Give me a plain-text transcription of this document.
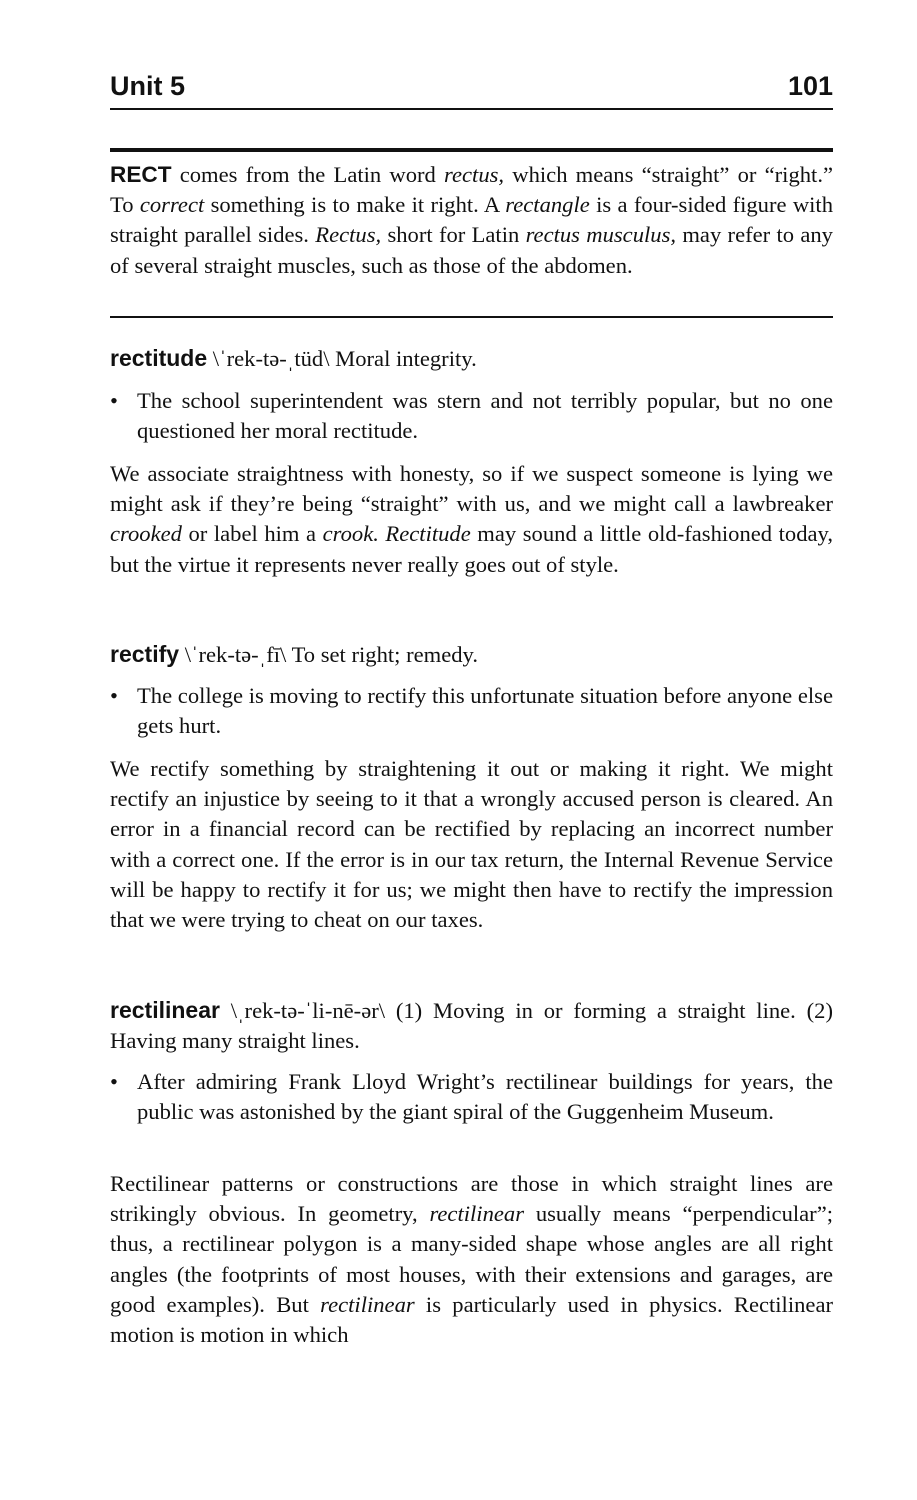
Unit 5	101
RECT comes from the Latin word rectus, which means “straight” or “right.” To correct something is to make it right. A rectangle is a four-sided figure with straight parallel sides. Rectus, short for Latin rectus musculus, may refer to any of several straight muscles, such as those of the abdomen.
rectitude \ˈrek-tə-ˌtüd\ Moral integrity.
• The school superintendent was stern and not terribly popular, but no one questioned her moral rectitude.
We associate straightness with honesty, so if we suspect someone is lying we might ask if they’re being “straight” with us, and we might call a lawbreaker crooked or label him a crook. Rectitude may sound a little old-fashioned today, but the virtue it represents never really goes out of style.
rectify \ˈrek-tə-ˌfī\ To set right; remedy.
• The college is moving to rectify this unfortunate situation before anyone else gets hurt.
We rectify something by straightening it out or making it right. We might rectify an injustice by seeing to it that a wrongly accused person is cleared. An error in a financial record can be rectified by replacing an incorrect number with a correct one. If the error is in our tax return, the Internal Revenue Service will be happy to rectify it for us; we might then have to rectify the impression that we were trying to cheat on our taxes.
rectilinear \ˌrek-tə-ˈli-nē-ər\ (1) Moving in or forming a straight line. (2) Having many straight lines.
• After admiring Frank Lloyd Wright’s rectilinear buildings for years, the public was astonished by the giant spiral of the Guggenheim Museum.
Rectilinear patterns or constructions are those in which straight lines are strikingly obvious. In geometry, rectilinear usually means “perpendicular”; thus, a rectilinear polygon is a many-sided shape whose angles are all right angles (the footprints of most houses, with their extensions and garages, are good examples). But rectilinear is particularly used in physics. Rectilinear motion is motion in which
